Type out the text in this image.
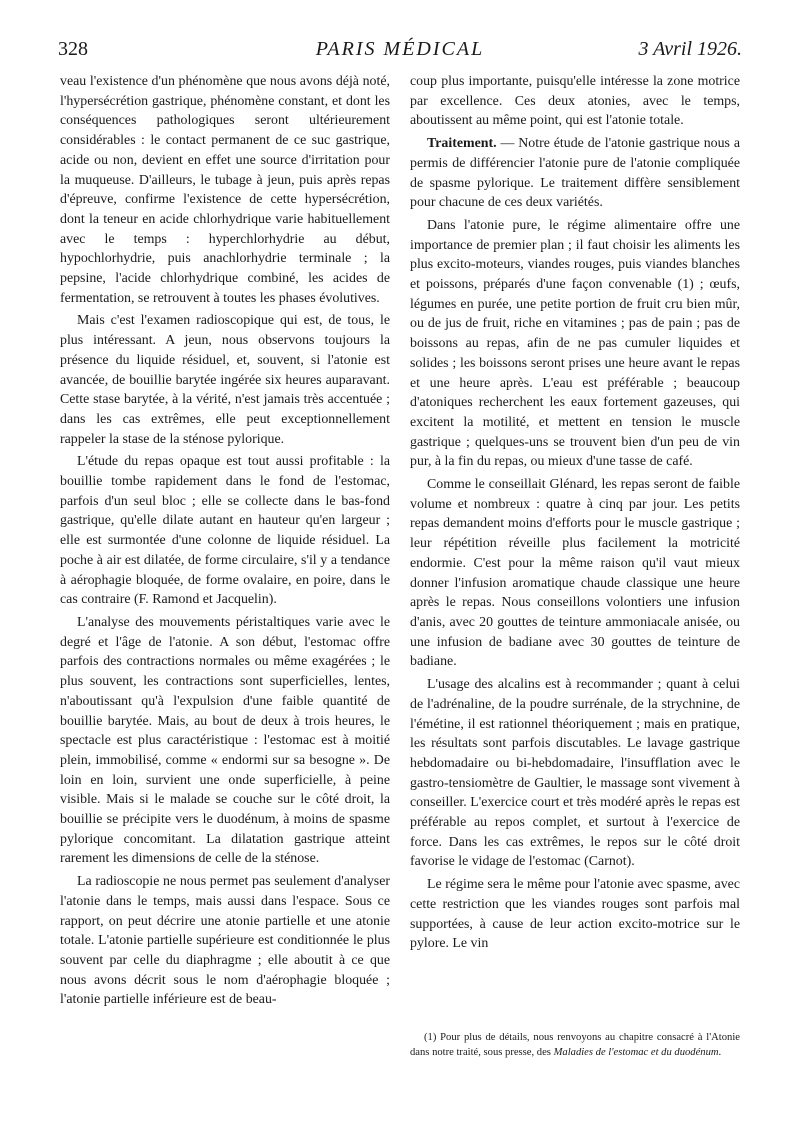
328	PARIS MÉDICAL	3 Avril 1926.

veau l'existence d'un phénomène que nous avons déjà noté, l'hypersécrétion gastrique, phénomène constant, et dont les conséquences pathologiques seront ultérieurement considérables : le contact permanent de ce suc gastrique, acide ou non, devient en effet une source d'irritation pour la muqueuse. D'ailleurs, le tubage à jeun, puis après repas d'épreuve, confirme l'existence de cette hypersécrétion, dont la teneur en acide chlorhydrique varie habituellement avec le temps : hyperchlorhydrie au début, hypochlorhydrie, puis anachlorhydrie terminale ; la pepsine, l'acide chlorhydrique combiné, les acides de fermentation, se retrouvent à toutes les phases évolutives.

Mais c'est l'examen radioscopique qui est, de tous, le plus intéressant. A jeun, nous observons toujours la présence du liquide résiduel, et, souvent, si l'atonie est avancée, de bouillie barytée ingérée six heures auparavant. Cette stase barytée, à la vérité, n'est jamais très accentuée ; dans les cas extrêmes, elle peut exceptionnellement rappeler la stase de la sténose pylorique.

L'étude du repas opaque est tout aussi profitable : la bouillie tombe rapidement dans le fond de l'estomac, parfois d'un seul bloc ; elle se collecte dans le bas-fond gastrique, qu'elle dilate autant en hauteur qu'en largeur ; elle est surmontée d'une colonne de liquide résiduel. La poche à air est dilatée, de forme circulaire, s'il y a tendance à aérophagie bloquée, de forme ovalaire, en poire, dans le cas contraire (F. Ramond et Jacquelin).

L'analyse des mouvements péristaltiques varie avec le degré et l'âge de l'atonie. A son début, l'estomac offre parfois des contractions normales ou même exagérées ; le plus souvent, les contractions sont superficielles, lentes, n'aboutissant qu'à l'expulsion d'une faible quantité de bouillie barytée. Mais, au bout de deux à trois heures, le spectacle est plus caractéristique : l'estomac est à moitié plein, immobilisé, comme « endormi sur sa besogne ». De loin en loin, survient une onde superficielle, à peine visible. Mais si le malade se couche sur le côté droit, la bouillie se précipite vers le duodénum, à moins de spasme pylorique concomitant. La dilatation gastrique atteint rarement les dimensions de celle de la sténose.

La radioscopie ne nous permet pas seulement d'analyser l'atonie dans le temps, mais aussi dans l'espace. Sous ce rapport, on peut décrire une atonie partielle et une atonie totale. L'atonie partielle supérieure est conditionnée le plus souvent par celle du diaphragme ; elle aboutit à ce que nous avons décrit sous le nom d'aérophagie bloquée ; l'atonie partielle inférieure est de beau-

coup plus importante, puisqu'elle intéresse la zone motrice par excellence. Ces deux atonies, avec le temps, aboutissent au même point, qui est l'atonie totale.

Traitement. — Notre étude de l'atonie gastrique nous a permis de différencier l'atonie pure de l'atonie compliquée de spasme pylorique. Le traitement diffère sensiblement pour chacune de ces deux variétés.

Dans l'atonie pure, le régime alimentaire offre une importance de premier plan ; il faut choisir les aliments les plus excito-moteurs, viandes rouges, puis viandes blanches et poissons, préparés d'une façon convenable (1) ; œufs, légumes en purée, une petite portion de fruit cru bien mûr, ou de jus de fruit, riche en vitamines ; pas de pain ; pas de boissons au repas, afin de ne pas cumuler liquides et solides ; les boissons seront prises une heure avant le repas et une heure après. L'eau est préférable ; beaucoup d'atoniques recherchent les eaux fortement gazeuses, qui excitent la motilité, et mettent en tension le muscle gastrique ; quelques-uns se trouvent bien d'un peu de vin pur, à la fin du repas, ou mieux d'une tasse de café.

Comme le conseillait Glénard, les repas seront de faible volume et nombreux : quatre à cinq par jour. Les petits repas demandent moins d'efforts pour le muscle gastrique ; leur répétition réveille plus facilement la motricité endormie. C'est pour la même raison qu'il vaut mieux donner l'infusion aromatique chaude classique une heure après le repas. Nous conseillons volontiers une infusion d'anis, avec 20 gouttes de teinture ammoniacale anisée, ou une infusion de badiane avec 30 gouttes de teinture de badiane.

L'usage des alcalins est à recommander ; quant à celui de l'adrénaline, de la poudre surrénale, de la strychnine, de l'émétine, il est rationnel théoriquement ; mais en pratique, les résultats sont parfois discutables. Le lavage gastrique hebdomadaire ou bi-hebdomadaire, l'insufflation avec le gastro-tensiomètre de Gaultier, le massage sont vivement à conseiller. L'exercice court et très modéré après le repas est préférable au repos complet, et surtout à l'exercice de force. Dans les cas extrêmes, le repos sur le côté droit favorise le vidage de l'estomac (Carnot).

Le régime sera le même pour l'atonie avec spasme, avec cette restriction que les viandes rouges sont parfois mal supportées, à cause de leur action excito-motrice sur le pylore. Le vin

(1) Pour plus de détails, nous renvoyons au chapitre consacré à l'Atonie dans notre traité, sous presse, des Maladies de l'estomac et du duodénum.
